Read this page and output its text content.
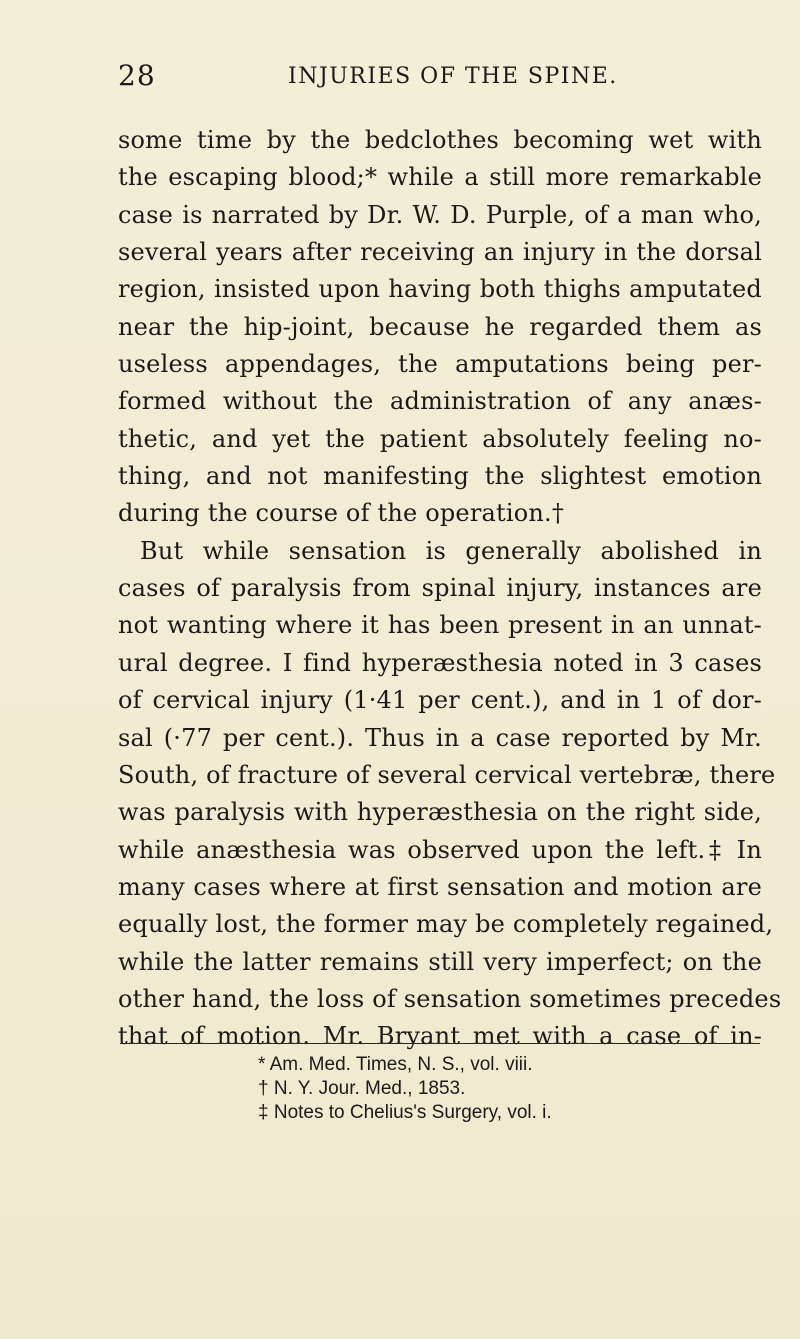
28	INJURIES OF THE SPINE.
some time by the bedclothes becoming wet with
the escaping blood;* while a still more remarkable
case is narrated by Dr. W. D. Purple, of a man who,
several years after receiving an injury in the dorsal
region, insisted upon having both thighs amputated
near the hip-joint, because he regarded them as
useless appendages, the amputations being per-
formed without the administration of any anæs-
thetic, and yet the patient absolutely feeling no-
thing, and not manifesting the slightest emotion
during the course of the operation.†
But while sensation is generally abolished in
cases of paralysis from spinal injury, instances are
not wanting where it has been present in an unnat-
ural degree. I find hyperæsthesia noted in 3 cases
of cervical injury (1·41 per cent.), and in 1 of dor-
sal (·77 per cent.). Thus in a case reported by Mr.
South, of fracture of several cervical vertebræ, there
was paralysis with hyperæsthesia on the right side,
while anæsthesia was observed upon the left.‡ In
many cases where at first sensation and motion are
equally lost, the former may be completely regained,
while the latter remains still very imperfect; on the
other hand, the loss of sensation sometimes precedes
that of motion. Mr. Bryant met with a case of in-
* Am. Med. Times, N. S., vol. viii.
† N. Y. Jour. Med., 1853.
‡ Notes to Chelius's Surgery, vol. i.
